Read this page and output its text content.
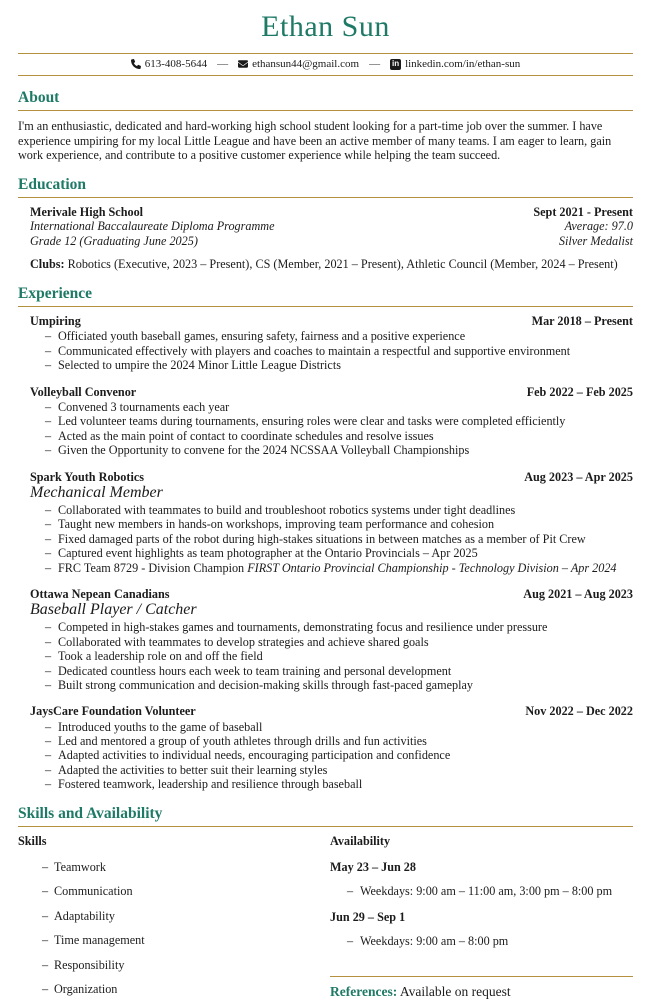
Ethan Sun
613-408-5644 — ethansun44@gmail.com — in linkedin.com/in/ethan-sun
About

I'm an enthusiastic, dedicated and hard-working high school student looking for a part-time job over the summer. I have experience umpiring for my local Little League and have been an active member of many teams. I am eager to learn, gain work experience, and contribute to a positive customer experience while helping the team succeed.

Education
Merivale High School	Sept 2021 - Present
International Baccalaureate Diploma Programme	Average: 97.0
Grade 12 (Graduating June 2025)	Silver Medalist
Clubs: Robotics (Executive, 2023 – Present), CS (Member, 2021 – Present), Athletic Council (Member, 2024 – Present)
Experience
Umpiring	Mar 2018 – Present
– Officiated youth baseball games, ensuring safety, fairness and a positive experience
– Communicated effectively with players and coaches to maintain a respectful and supportive environment
– Selected to umpire the 2024 Minor Little League Districts
Volleyball Convenor	Feb 2022 – Feb 2025
– Convened 3 tournaments each year
– Led volunteer teams during tournaments, ensuring roles were clear and tasks were completed efficiently
– Acted as the main point of contact to coordinate schedules and resolve issues
– Given the Opportunity to convene for the 2024 NCSSAA Volleyball Championships
Spark Youth Robotics	Aug 2023 – Apr 2025
Mechanical Member
– Collaborated with teammates to build and troubleshoot robotics systems under tight deadlines
– Taught new members in hands-on workshops, improving team performance and cohesion
– Fixed damaged parts of the robot during high-stakes situations in between matches as a member of Pit Crew
– Captured event highlights as team photographer at the Ontario Provincials – Apr 2025
– FRC Team 8729 - Division Champion FIRST Ontario Provincial Championship - Technology Division – Apr 2024
Ottawa Nepean Canadians	Aug 2021 – Aug 2023
Baseball Player / Catcher
– Competed in high-stakes games and tournaments, demonstrating focus and resilience under pressure
– Collaborated with teammates to develop strategies and achieve shared goals
– Took a leadership role on and off the field
– Dedicated countless hours each week to team training and personal development
– Built strong communication and decision-making skills through fast-paced gameplay
JaysCare Foundation Volunteer	Nov 2022 – Dec 2022
– Introduced youths to the game of baseball
– Led and mentored a group of youth athletes through drills and fun activities
– Adapted activities to individual needs, encouraging participation and confidence
– Adapted the activities to better suit their learning styles
– Fostered teamwork, leadership and resilience through baseball
Skills and Availability
Skills
– Teamwork
– Communication
– Adaptability
– Time management
– Responsibility
– Organization
Availability
May 23 – Jun 28
– Weekdays: 9:00 am – 11:00 am, 3:00 pm – 8:00 pm
Jun 29 – Sep 1
– Weekdays: 9:00 am – 8:00 pm
References: Available on request
